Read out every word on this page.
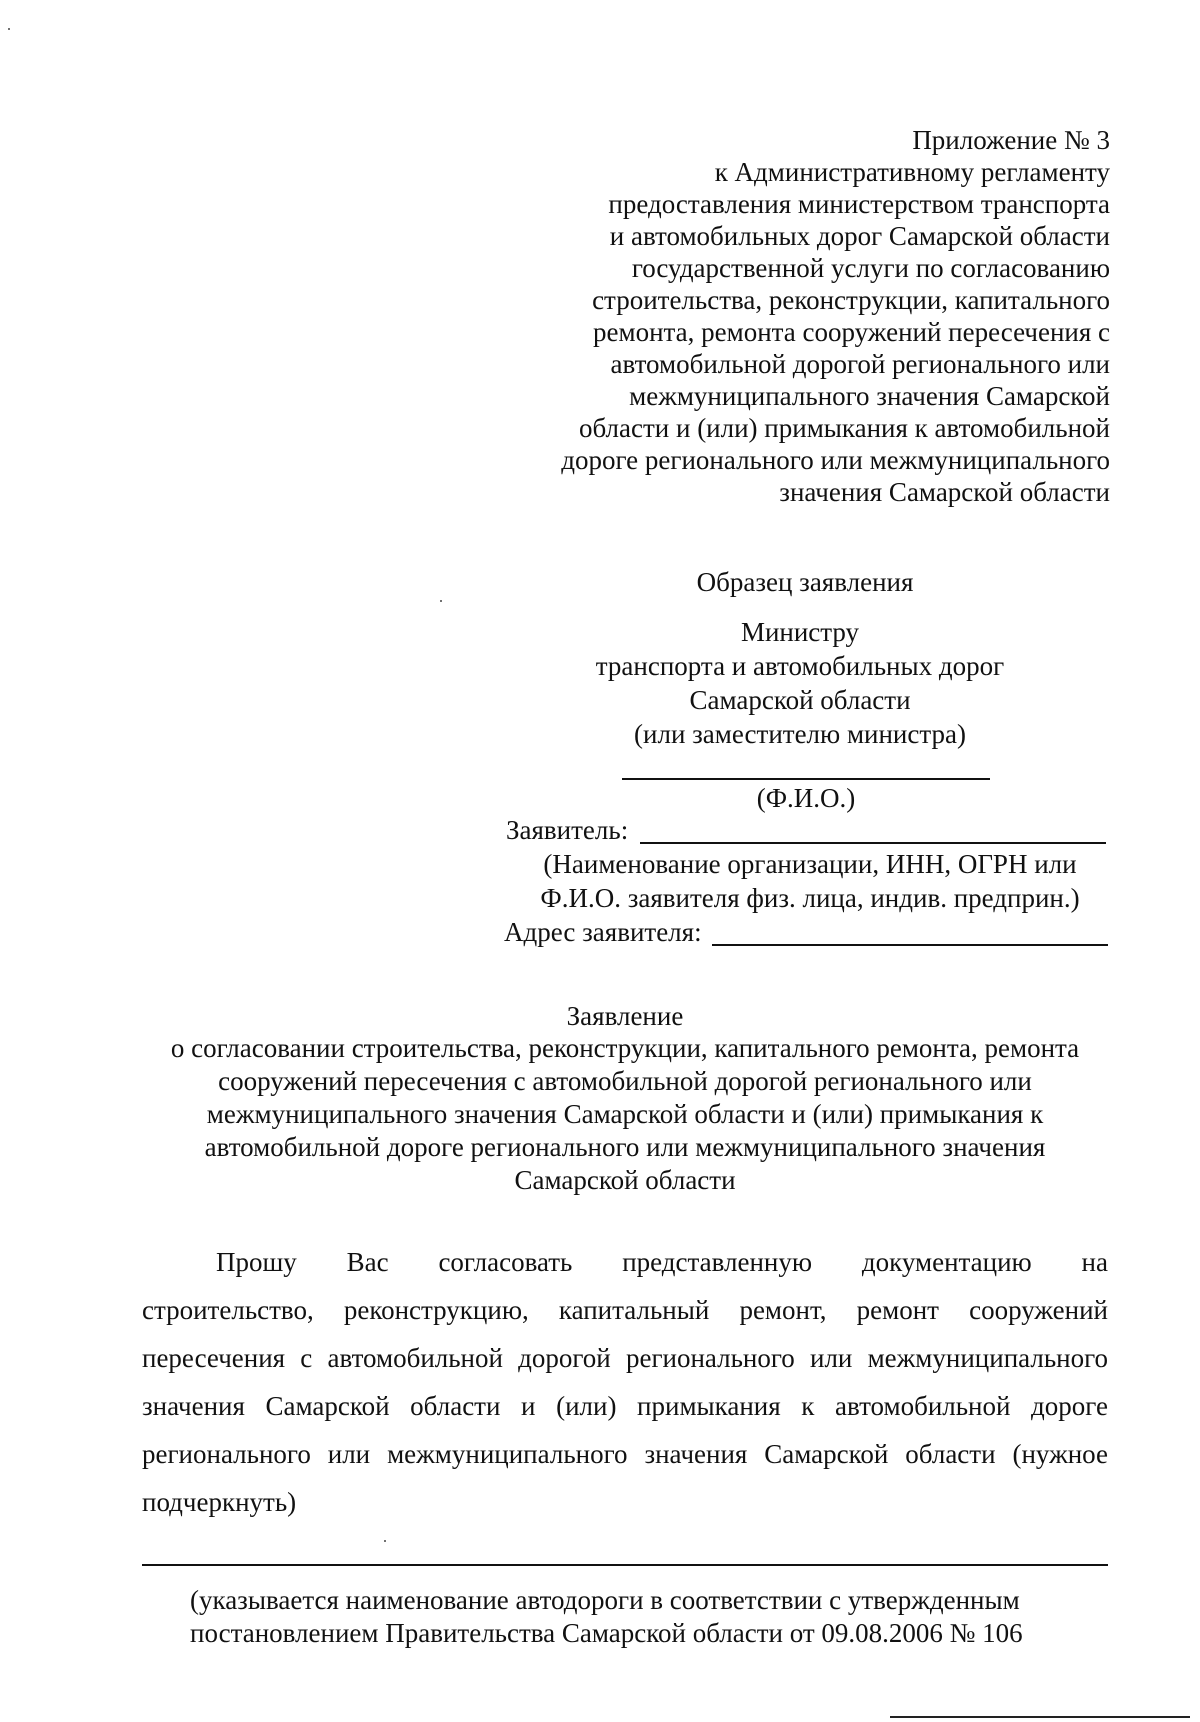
Приложение № 3
к Административному регламенту
предоставления министерством транспорта
и автомобильных дорог Самарской области
государственной услуги по согласованию
строительства, реконструкции, капитального
ремонта, ремонта сооружений пересечения с
автомобильной дорогой регионального или
межмуниципального значения Самарской
области и (или) примыкания к автомобильной
дороге регионального или межмуниципального
значения Самарской области
Образец заявления
Министру
транспорта и автомобильных дорог
Самарской области
(или заместителю министра)
(Ф.И.О.)
Заявитель:
(Наименование организации, ИНН, ОГРН или
Ф.И.О. заявителя физ. лица, индив. предприн.)
Адрес заявителя:
Заявление
о согласовании строительства, реконструкции, капитального ремонта, ремонта
сооружений пересечения с автомобильной дорогой регионального или
межмуниципального значения Самарской области и (или) примыкания к
автомобильной дороге регионального или межмуниципального значения
Самарской области
Прошу Вас согласовать представленную документацию на
строительство, реконструкцию, капитальный ремонт, ремонт сооружений
пересечения с автомобильной дорогой регионального или межмуниципального
значения Самарской области и (или) примыкания к автомобильной дороге
регионального или межмуниципального значения Самарской области (нужное
подчеркнуть)
(указывается наименование автодороги в соответствии с утвержденным
постановлением Правительства Самарской области от 09.08.2006 № 106
